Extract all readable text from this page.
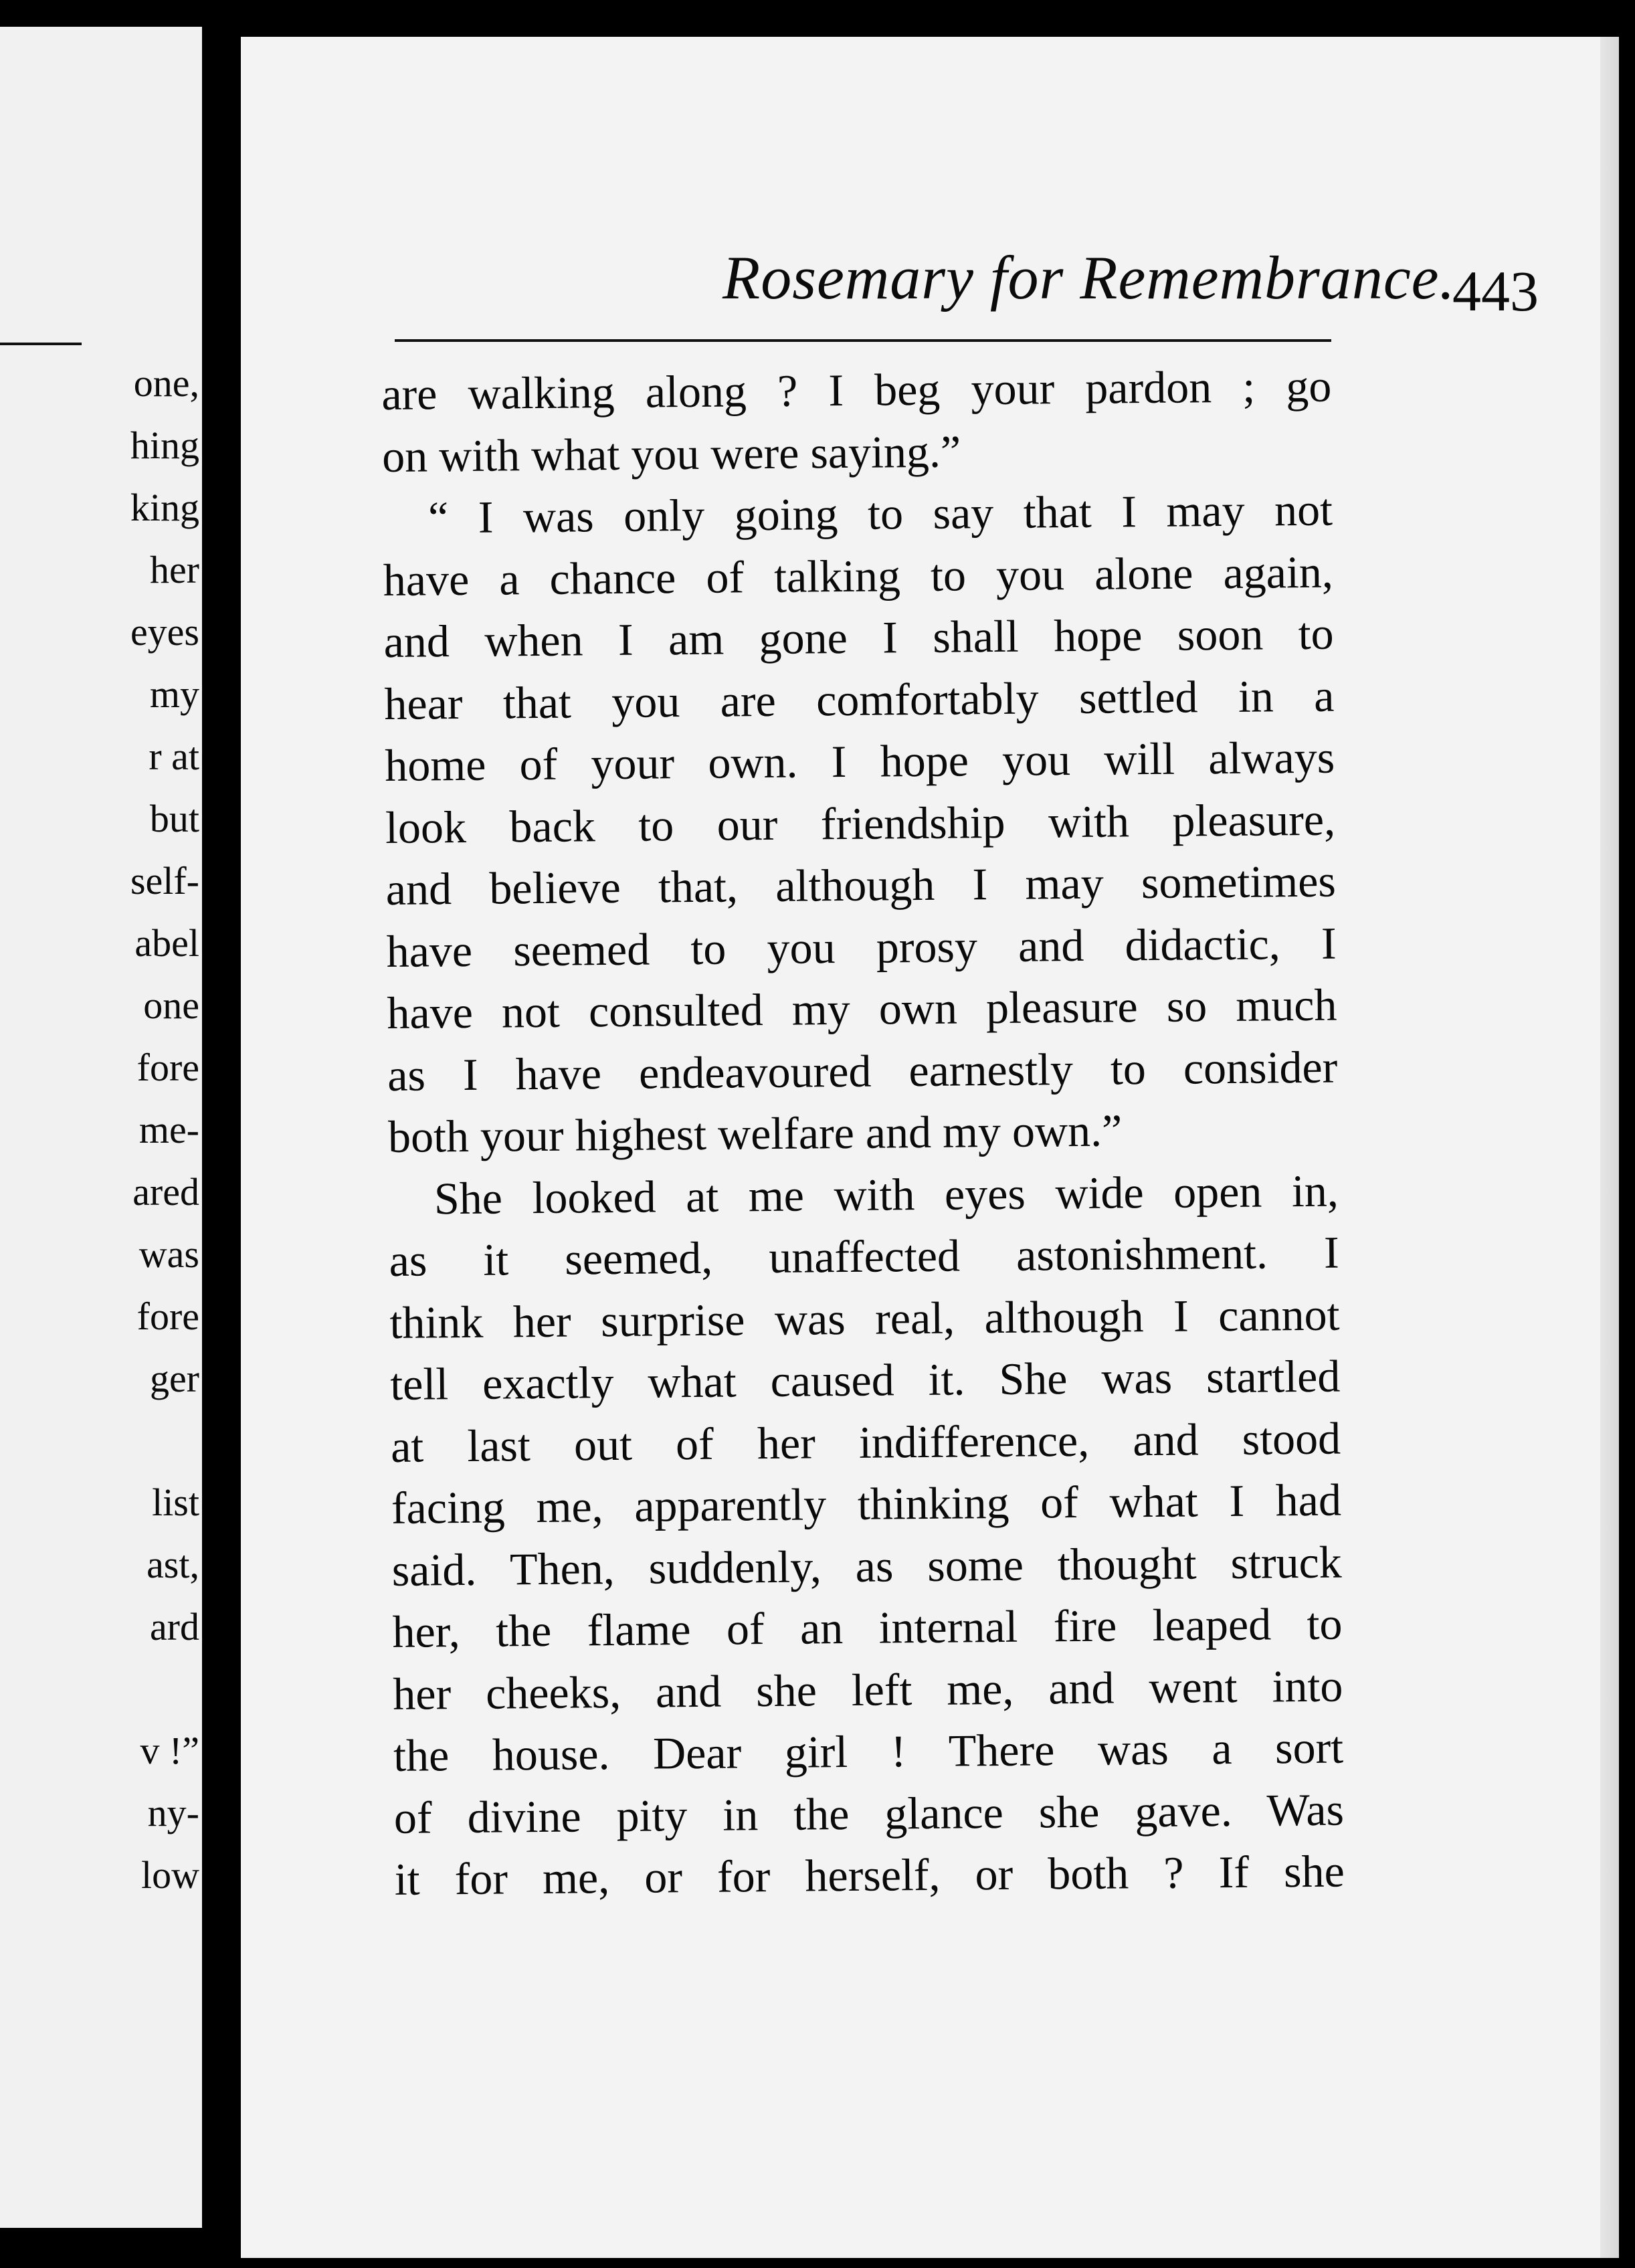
one,
hing
king
her
eyes
my
r at
but
self-
abel
one
fore
me-
ared
was
fore
ger
list
ast,
ard
v !”
ny-
low
Rosemary for Remembrance.
443
are walking along ? I beg your pardon ; go
on with what you were saying.”
“ I was only going to say that I may not
have a chance of talking to you alone again,
and when I am gone I shall hope soon to
hear that you are comfortably settled in a
home of your own. I hope you will always
look back to our friendship with pleasure,
and believe that, although I may sometimes
have seemed to you prosy and didactic, I
have not consulted my own pleasure so much
as I have endeavoured earnestly to consider
both your highest welfare and my own.”
She looked at me with eyes wide open in,
as it seemed, unaffected astonishment. I
think her surprise was real, although I cannot
tell exactly what caused it. She was startled
at last out of her indifference, and stood
facing me, apparently thinking of what I had
said. Then, suddenly, as some thought struck
her, the flame of an internal fire leaped to
her cheeks, and she left me, and went into
the house. Dear girl ! There was a sort
of divine pity in the glance she gave. Was
it for me, or for herself, or both ? If she
